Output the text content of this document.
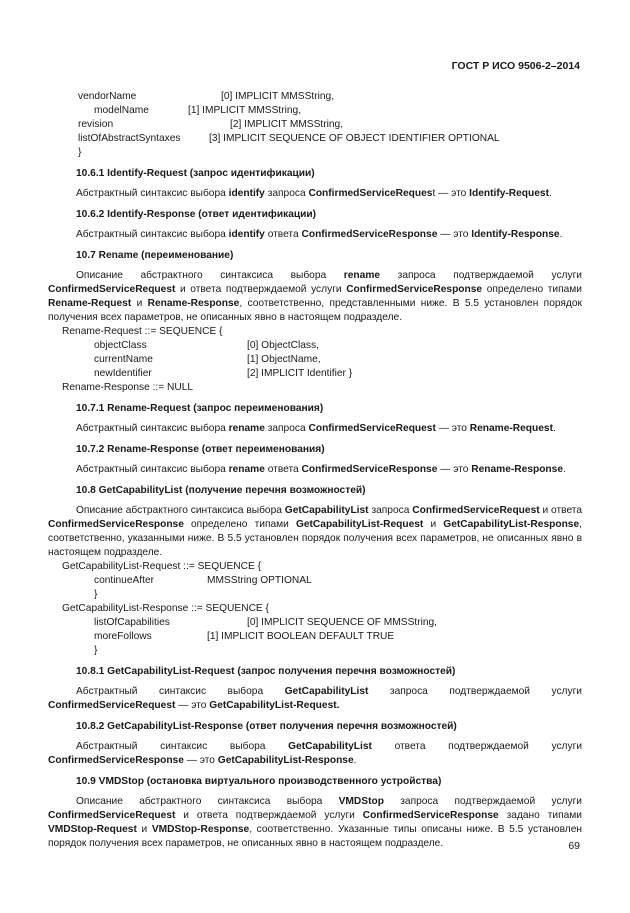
ГОСТ Р ИСО 9506-2–2014
vendorName	[0] IMPLICIT MMSString,
modelName	[1] IMPLICIT MMSString,
revision	[2] IMPLICIT MMSString,
listOfAbstractSyntaxes	[3] IMPLICIT SEQUENCE OF OBJECT IDENTIFIER OPTIONAL
}
10.6.1 Identify-Request (запрос идентификации)

Абстрактный синтаксис выбора identify запроса ConfirmedServiceRequest — это Identify-Request.

10.6.2 Identify-Response (ответ идентификации)

Абстрактный синтаксис выбора identify ответа ConfirmedServiceResponse — это Identify-Response.

10.7 Rename (переименование)

Описание абстрактного синтаксиса выбора rename запроса подтверждаемой услуги ConfirmedServiceRequest и ответа подтверждаемой услуги ConfirmedServiceResponse определено типами Rename-Request и Rename-Response, соответственно, представленными ниже. В 5.5 установлен порядок получения всех параметров, не описанных явно в настоящем подразделе.

Rename-Request ::= SEQUENCE {
objectClass	[0] ObjectClass,
currentName	[1] ObjectName,
newIdentifier	[2] IMPLICIT Identifier }
Rename-Response ::= NULL
10.7.1 Rename-Request (запрос переименования)

Абстрактный синтаксис выбора rename запроса ConfirmedServiceRequest — это Rename-Request.

10.7.2 Rename-Response (ответ переименования)

Абстрактный синтаксис выбора rename ответа ConfirmedServiceResponse — это Rename-Response.

10.8 GetCapabilityList (получение перечня возможностей)

Описание абстрактного синтаксиса выбора GetCapabilityList запроса ConfirmedServiceRequest и ответа ConfirmedServiceResponse определено типами GetCapabilityList-Request и GetCapabilityList-Response, соответственно, указанными ниже. В 5.5 установлен порядок получения всех параметров, не описанных явно в настоящем подразделе.

GetCapabilityList-Request ::= SEQUENCE {
continueAfter	MMSString OPTIONAL
}
GetCapabilityList-Response ::= SEQUENCE {
listOfCapabilities	[0] IMPLICIT SEQUENCE OF MMSString,
moreFollows	[1] IMPLICIT BOOLEAN DEFAULT TRUE
}
10.8.1 GetCapabilityList-Request (запрос получения перечня возможностей)

Абстрактный синтаксис выбора GetCapabilityList запроса подтверждаемой услуги ConfirmedServiceRequest — это GetCapabilityList-Request.

10.8.2 GetCapabilityList-Response (ответ получения перечня возможностей)

Абстрактный синтаксис выбора GetCapabilityList ответа подтверждаемой услуги ConfirmedServiceResponse — это GetCapabilityList-Response.

10.9 VMDStop (остановка виртуального производственного устройства)

Описание абстрактного синтаксиса выбора VMDStop запроса подтверждаемой услуги ConfirmedServiceRequest и ответа подтверждаемой услуги ConfirmedServiceResponse задано типами VMDStop-Request и VMDStop-Response, соответственно. Указанные типы описаны ниже. В 5.5 установлен порядок получения всех параметров, не описанных явно в настоящем подразделе.	69
